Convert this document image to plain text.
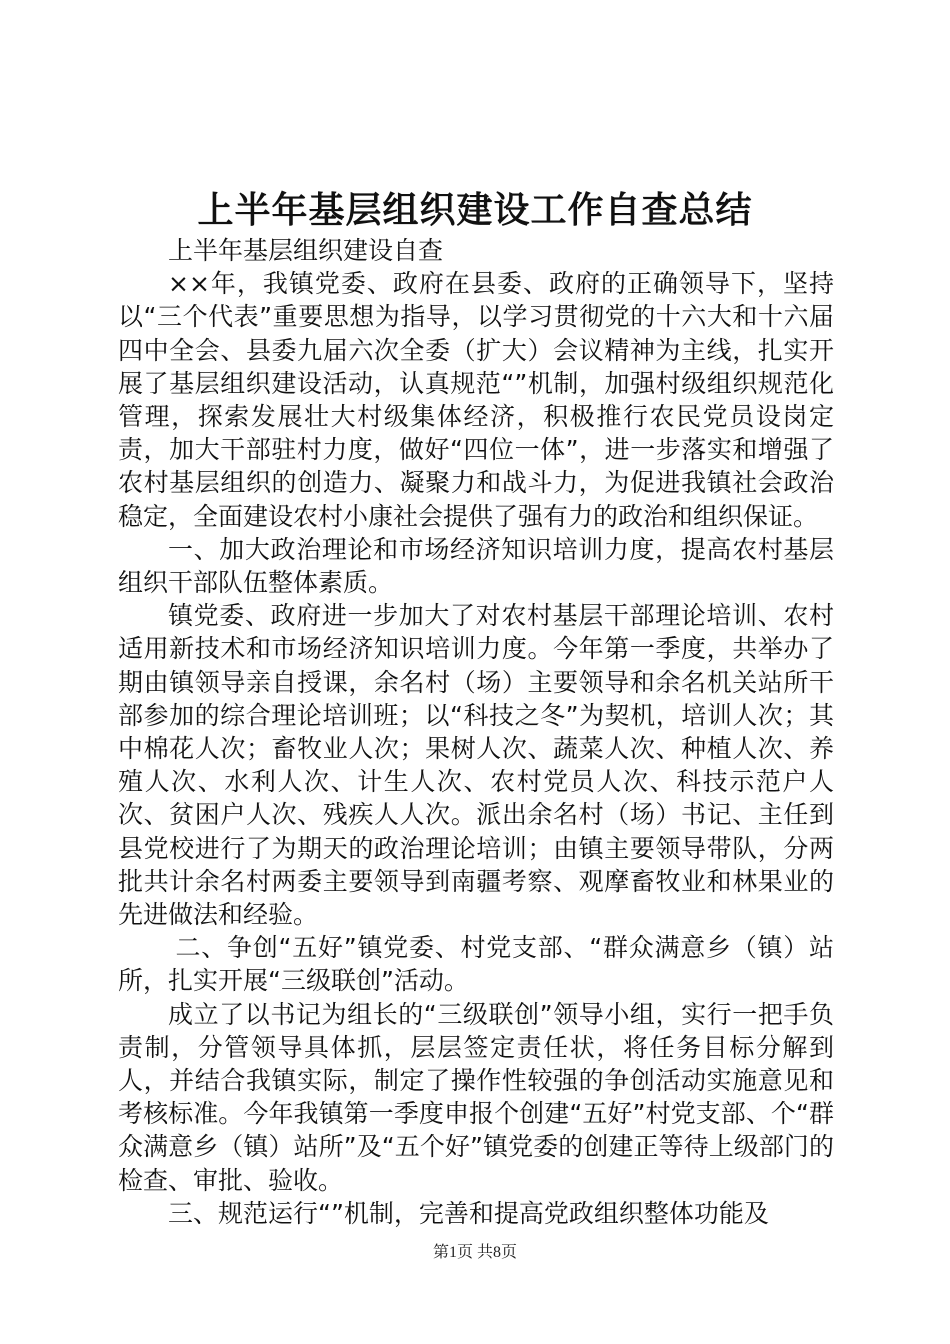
上半年基层组织建设工作自查总结

上半年基层组织建设自查

××年，我镇党委、政府在县委、政府的正确领导下，坚持以“三个代表”重要思想为指导，以学习贯彻党的十六大和十六届四中全会、县委九届六次全委（扩大）会议精神为主线，扎实开展了基层组织建设活动，认真规范“”机制，加强村级组织规范化管理，探索发展壮大村级集体经济，积极推行农民党员设岗定责，加大干部驻村力度，做好“四位一体”，进一步落实和增强了农村基层组织的创造力、凝聚力和战斗力，为促进我镇社会政治稳定，全面建设农村小康社会提供了强有力的政治和组织保证。

一、加大政治理论和市场经济知识培训力度，提高农村基层组织干部队伍整体素质。

镇党委、政府进一步加大了对农村基层干部理论培训、农村适用新技术和市场经济知识培训力度。今年第一季度，共举办了期由镇领导亲自授课，余名村（场）主要领导和余名机关站所干部参加的综合理论培训班；以“科技之冬”为契机，培训人次；其中棉花人次；畜牧业人次；果树人次、蔬菜人次、种植人次、养殖人次、水利人次、计生人次、农村党员人次、科技示范户人次、贫困户人次、残疾人人次。派出余名村（场）书记、主任到县党校进行了为期天的政治理论培训；由镇主要领导带队，分两批共计余名村两委主要领导到南疆考察、观摩畜牧业和林果业的先进做法和经验。

二、争创“五好”镇党委、村党支部、“群众满意乡（镇）站所，扎实开展“三级联创”活动。

成立了以书记为组长的“三级联创”领导小组，实行一把手负责制，分管领导具体抓，层层签定责任状，将任务目标分解到人，并结合我镇实际，制定了操作性较强的争创活动实施意见和考核标准。今年我镇第一季度申报个创建“五好”村党支部、个“群众满意乡（镇）站所”及“五个好”镇党委的创建正等待上级部门的检查、审批、验收。

三、规范运行“”机制，完善和提高党政组织整体功能及

第1页 共8页
